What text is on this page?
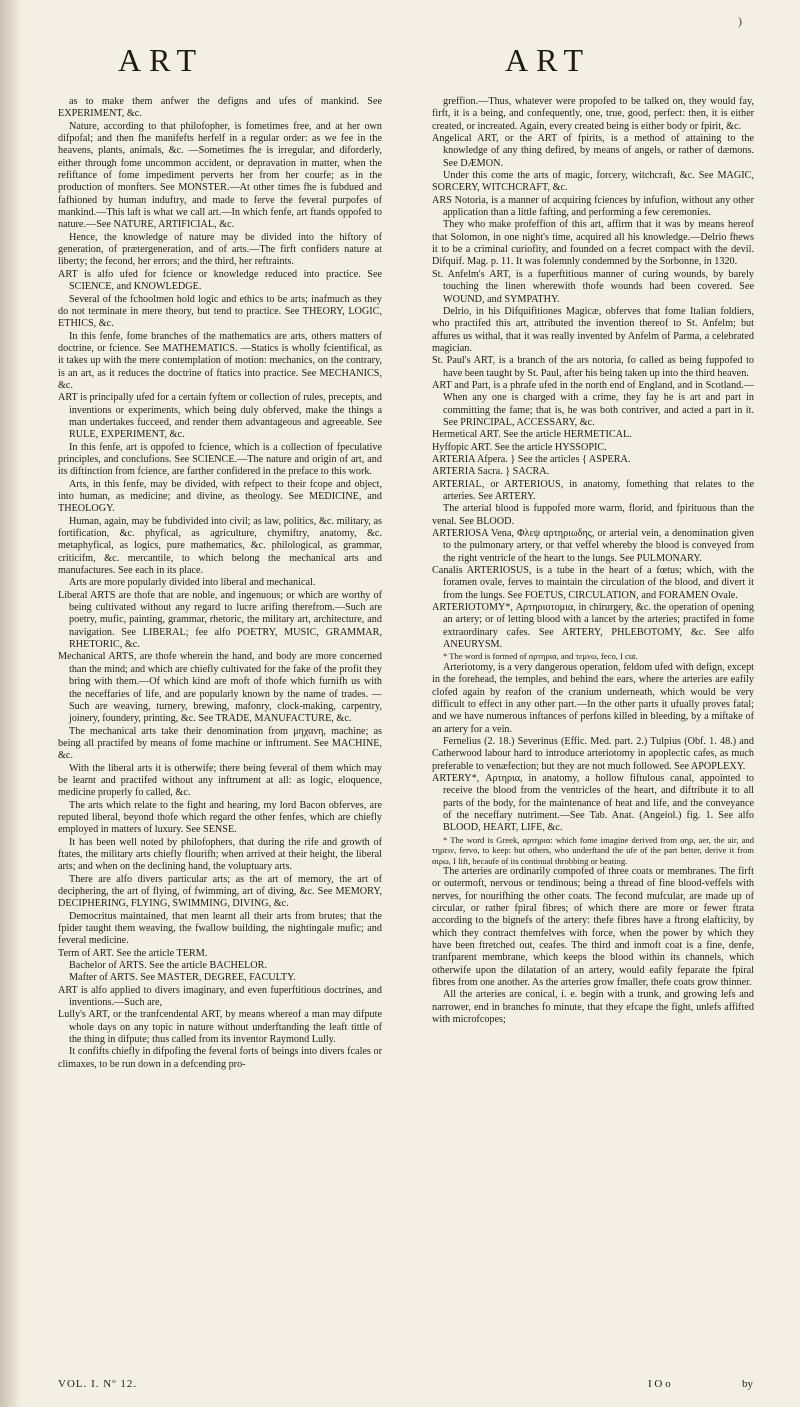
)
ART	ART

as to make them anfwer the defigns and ufes of mankind. See EXPERIMENT, &c.

Nature, according to that philofopher, is fometimes free, and at her own difpofal; and then fhe manifefts herfelf in a regular order: as we fee in the heavens, plants, animals, &c. —Sometimes fhe is irregular, and diforderly, either through fome uncommon accident, or depravation in matter, when the refiftance of fome impediment perverts her from her courfe; as in the production of monfters. See MONSTER.—At other times fhe is fubdued and fafhioned by human induftry, and made to ferve the feveral purpofes of mankind.—This laft is what we call art.—In which fenfe, art ftands oppofed to nature.—See NATURE, ARTIFICIAL, &c.

Hence, the knowledge of nature may be divided into the hiftory of generation, of prætergeneration, and of arts.—The firft confiders nature at liberty; the fecond, her errors; and the third, her reftraints.

ART is alfo ufed for fcience or knowledge reduced into practice. See SCIENCE, and KNOWLEDGE.

Several of the fchoolmen hold logic and ethics to be arts; inafmuch as they do not terminate in mere theory, but tend to practice. See THEORY, LOGIC, ETHICS, &c.

In this fenfe, fome branches of the mathematics are arts, others matters of doctrine, or fcience. See MATHEMATICS. —Statics is wholly fcientifical, as it takes up with the mere contemplation of motion: mechanics, on the contrary, is an art, as it reduces the doctrine of ftatics into practice. See MECHANICS, &c.

ART is principally ufed for a certain fyftem or collection of rules, precepts, and inventions or experiments, which being duly obferved, make the things a man undertakes fucceed, and render them advantageous and agreeable. See RULE, EXPERIMENT, &c.

In this fenfe, art is oppofed to fcience, which is a collection of fpeculative principles, and conclufions. See SCIENCE.—The nature and origin of art, and its diftinction from fcience, are farther confidered in the preface to this work.

Arts, in this fenfe, may be divided, with refpect to their fcope and object, into human, as medicine; and divine, as theology. See MEDICINE, and THEOLOGY.

Human, again, may be fubdivided into civil; as law, politics, &c. military, as fortification, &c. phyfical, as agriculture, chymiftry, anatomy, &c. metaphyfical, as logics, pure mathematics, &c. philological, as grammar, criticifm, &c. mercantile, to which belong the mechanical arts and manufactures. See each in its place.

Arts are more popularly divided into liberal and mechanical.

Liberal ARTS are thofe that are noble, and ingenuous; or which are worthy of being cultivated without any regard to lucre arifing therefrom.—Such are poetry, mufic, painting, grammar, rhetoric, the military art, architecture, and navigation. See LIBERAL; fee alfo POETRY, MUSIC, GRAMMAR, RHETORIC, &c.

Mechanical ARTS, are thofe wherein the hand, and body are more concerned than the mind; and which are chiefly cultivated for the fake of the profit they bring with them.—Of which kind are moft of thofe which furnifh us with the neceffaries of life, and are popularly known by the name of trades. —Such are weaving, turnery, brewing, mafonry, clock-making, carpentry, joinery, foundery, printing, &c. See TRADE, MANUFACTURE, &c.

The mechanical arts take their denomination from μηχανη, machine; as being all practifed by means of fome machine or inftrument. See MACHINE, &c.

With the liberal arts it is otherwife; there being feveral of them which may be learnt and practifed without any inftrument at all: as logic, eloquence, medicine properly fo called, &c.

The arts which relate to the fight and hearing, my lord Bacon obferves, are reputed liberal, beyond thofe which regard the other fenfes, which are chiefly employed in matters of luxury. See SENSE.

It has been well noted by philofophers, that during the rife and growth of ftates, the military arts chiefly flourifh; when arrived at their height, the liberal arts; and when on the declining hand, the voluptuary arts.

There are alfo divers particular arts; as the art of memory, the art of deciphering, the art of flying, of fwimming, art of diving, &c. See MEMORY, DECIPHERING, FLYING, SWIMMING, DIVING, &c.

Democritus maintained, that men learnt all their arts from brutes; that the fpider taught them weaving, the fwallow building, the nightingale mufic; and feveral medicine.

Term of ART. See the article TERM.

Bachelor of ARTS. See the article BACHELOR.

Mafter of ARTS. See MASTER, DEGREE, FACULTY.

ART is alfo applied to divers imaginary, and even fuperftitious doctrines, and inventions.—Such are,

Lully's ART, or the tranfcendental ART, by means whereof a man may difpute whole days on any topic in nature without underftanding the leaft tittle of the thing in difpute; thus called from its inventor Raymond Lully.

It confifts chiefly in difpofing the feveral forts of beings into divers fcales or climaxes, to be run down in a defcending pro-

greffion.—Thus, whatever were propofed to be talked on, they would fay, firft, it is a being, and confequently, one, true, good, perfect: then, it is either created, or increated. Again, every created being is either body or fpirit, &c.

Angelical ART, or the ART of fpirits, is a method of attaining to the knowledge of any thing defired, by means of angels, or rather of dæmons. See DÆMON.

Under this come the arts of magic, forcery, witchcraft, &c. See MAGIC, SORCERY, WITCHCRAFT, &c.

ARS Notoria, is a manner of acquiring fciences by infufion, without any other application than a little fafting, and performing a few ceremonies.

They who make profeffion of this art, affirm that it was by means hereof that Solomon, in one night's time, acquired all his knowledge.—Delrio fhews it to be a criminal curiofity, and founded on a fecret compact with the devil. Difquif. Mag. p. 11. It was folemnly condemned by the Sorbonne, in 1320.

St. Anfelm's ART, is a fuperftitious manner of curing wounds, by barely touching the linen wherewith thofe wounds had been covered. See WOUND, and SYMPATHY.

Delrio, in his Difquifitiones Magicæ, obferves that fome Italian foldiers, who practifed this art, attributed the invention thereof to St. Anfelm; but affures us withal, that it was really invented by Anfelm of Parma, a celebrated magician.

St. Paul's ART, is a branch of the ars notoria, fo called as being fuppofed to have been taught by St. Paul, after his being taken up into the third heaven.

ART and Part, is a phrafe ufed in the north end of England, and in Scotland.—When any one is charged with a crime, they fay he is art and part in committing the fame; that is, he was both contriver, and acted a part in it. See PRINCIPAL, ACCESSARY, &c.

Hermetical ART. See the article HERMETICAL.

Hyffopic ART. See the article HYSSOPIC.

ARTERIA Afpera. } See the articles { ASPERA.

ARTERIA Sacra. } SACRA.

ARTERIAL, or ARTERIOUS, in anatomy, fomething that relates to the arteries. See ARTERY.

The arterial blood is fuppofed more warm, florid, and fpirituous than the venal. See BLOOD.

ARTERIOSA Vena, Φλεψ αρτηριωδης, or arterial vein, a denomination given to the pulmonary artery, or that veffel whereby the blood is conveyed from the right ventricle of the heart to the lungs. See PULMONARY.

Canalis ARTERIOSUS, is a tube in the heart of a fœtus; which, with the foramen ovale, ferves to maintain the circulation of the blood, and divert it from the lungs. See FOETUS, CIRCULATION, and FORAMEN Ovale.

ARTERIOTOMY*, Αρτηριοτομια, in chirurgery, &c. the operation of opening an artery; or of letting blood with a lancet by the arteries; practifed in fome extraordinary cafes. See ARTERY, PHLEBOTOMY, &c. See alfo ANEURYSM.

* The word is formed of αρτηρια, and τεμνω, feco, I cut.

Arteriotomy, is a very dangerous operation, feldom ufed with defign, except in the forehead, the temples, and behind the ears, where the arteries are eafily clofed again by reafon of the cranium underneath, which would be very difficult to effect in any other part.—In the other parts it ufually proves fatal; and we have numerous inftances of perfons killed in bleeding, by a miftake of an artery for a vein.

Fernelius (2. 18.) Severinus (Effic. Med. part. 2.) Tulpius (Obf. 1. 48.) and Catherwood labour hard to introduce arteriotomy in apoplectic cafes, as much preferable to venæfection; but they are not much followed. See APOPLEXY.

ARTERY*, Αρτηρια, in anatomy, a hollow fiftulous canal, appointed to receive the blood from the ventricles of the heart, and diftribute it to all parts of the body, for the maintenance of heat and life, and the conveyance of the neceffary nutriment.—See Tab. Anat. (Angeiol.) fig. 1. See alfo BLOOD, HEART, LIFE, &c.

* The word is Greek, αρτηρια: which fome imagine derived from αηρ, aer, the air, and τηρειν, fervo, to keep: but others, who underftand the ufe of the part better, derive it from αιρω, I lift, becaufe of its continual throbbing or beating.

The arteries are ordinarily compofed of three coats or membranes. The firft or outermoft, nervous or tendinous; being a thread of fine blood-veffels with nerves, for nourifhing the other coats. The fecond mufcular, are made up of circular, or rather fpiral fibres; of which there are more or fewer ftrata according to the bignefs of the artery: thefe fibres have a ftrong elafticity, by which they contract themfelves with force, when the power by which they have been ftretched out, ceafes. The third and inmoft coat is a fine, denfe, tranfparent membrane, which keeps the blood within its channels, which otherwife upon the dilatation of an artery, would eafily feparate the fpiral fibres from one another. As the arteries grow fmaller, thefe coats grow thinner.

All the arteries are conical, i. e. begin with a trunk, and growing lefs and narrower, end in branches fo minute, that they efcape the fight, unlefs affifted with microfcopes;

VOL. I. Nº 12.	I O o	by
